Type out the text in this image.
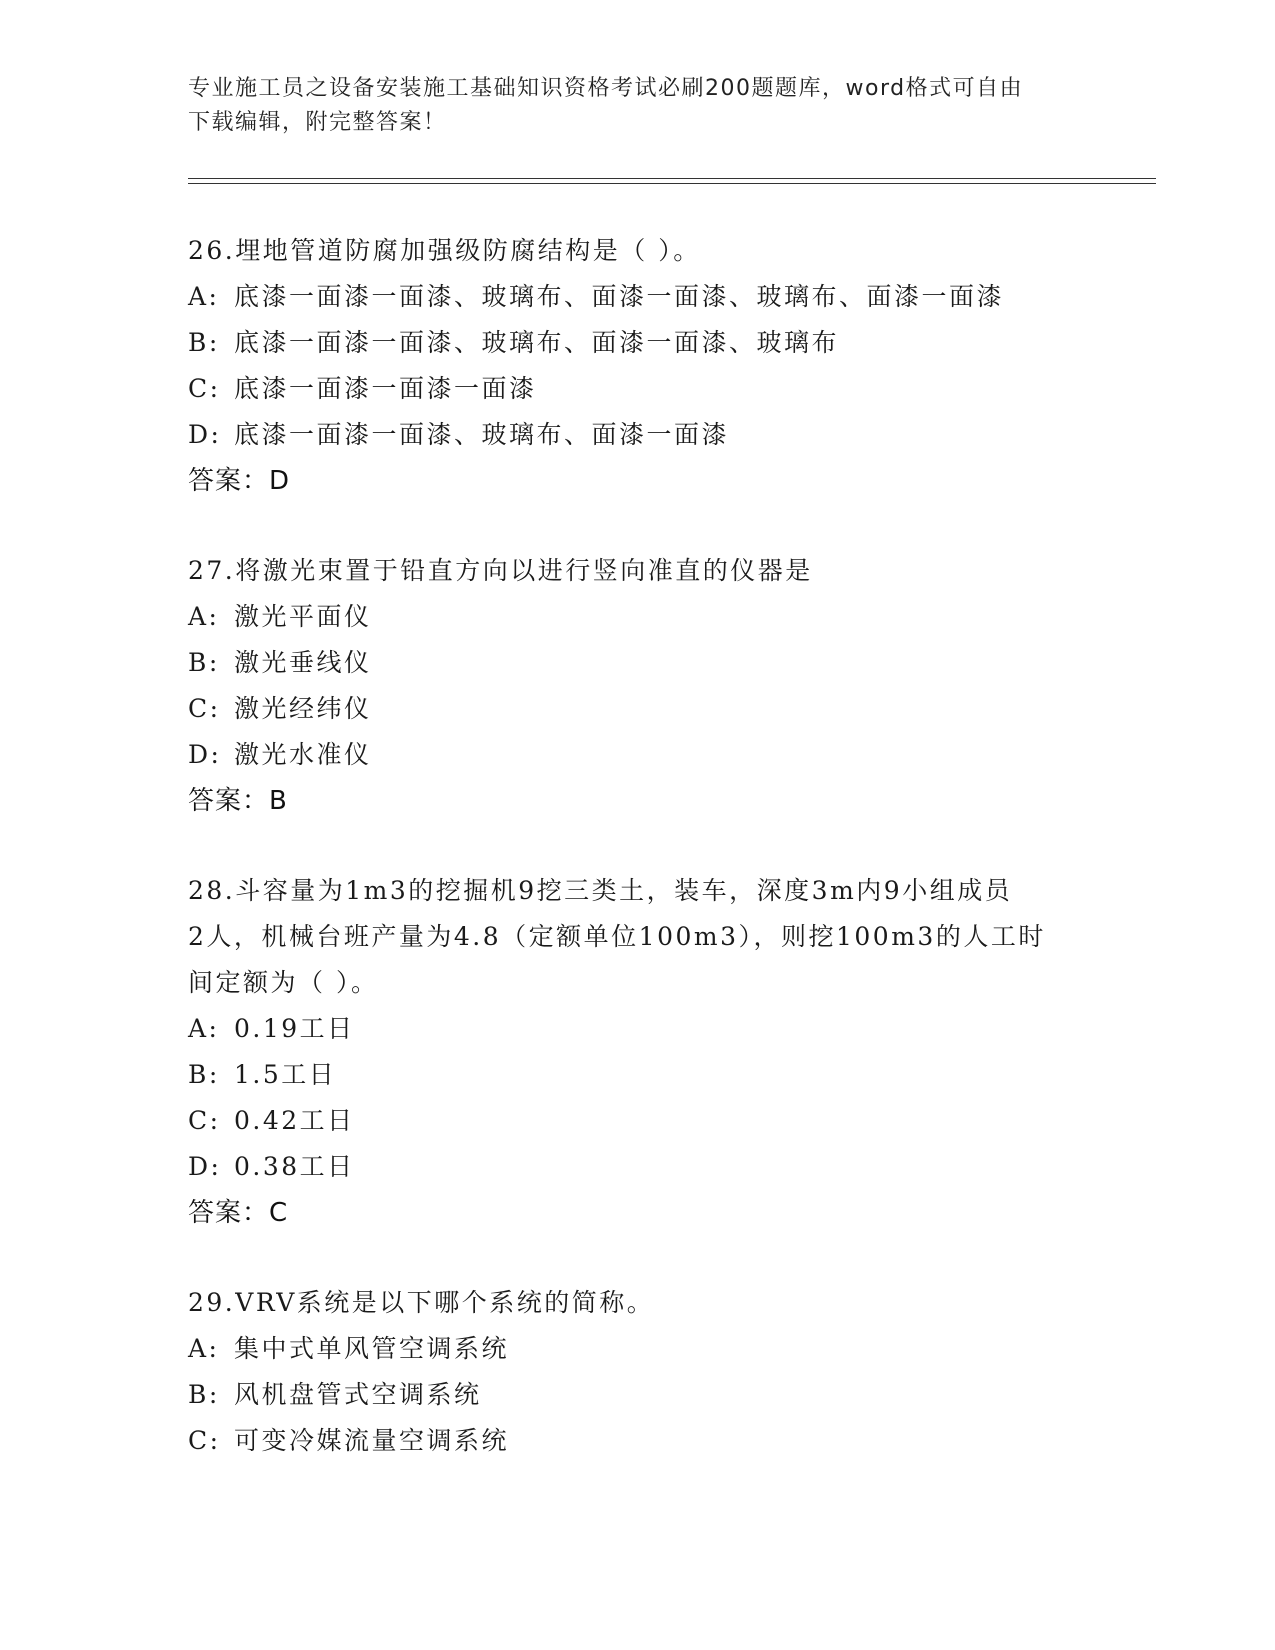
专业施工员之设备安装施工基础知识资格考试必刷200题题库，word格式可自由
下载编辑，附完整答案！
26.埋地管道防腐加强级防腐结构是（ ）。
A: 底漆一面漆一面漆、玻璃布、面漆一面漆、玻璃布、面漆一面漆
B: 底漆一面漆一面漆、玻璃布、面漆一面漆、玻璃布
C: 底漆一面漆一面漆一面漆
D: 底漆一面漆一面漆、玻璃布、面漆一面漆
答案：D
27.将激光束置于铅直方向以进行竖向准直的仪器是
A: 激光平面仪
B: 激光垂线仪
C: 激光经纬仪
D: 激光水准仪
答案：B
28.斗容量为1m3的挖掘机9挖三类土，装车，深度3m内9小组成员
2人，机械台班产量为4.8（定额单位100m3），则挖100m3的人工时
间定额为（ ）。
A: 0.19工日
B: 1.5工日
C: 0.42工日
D: 0.38工日
答案：C
29.VRV系统是以下哪个系统的简称。
A: 集中式单风管空调系统
B: 风机盘管式空调系统
C: 可变冷媒流量空调系统
